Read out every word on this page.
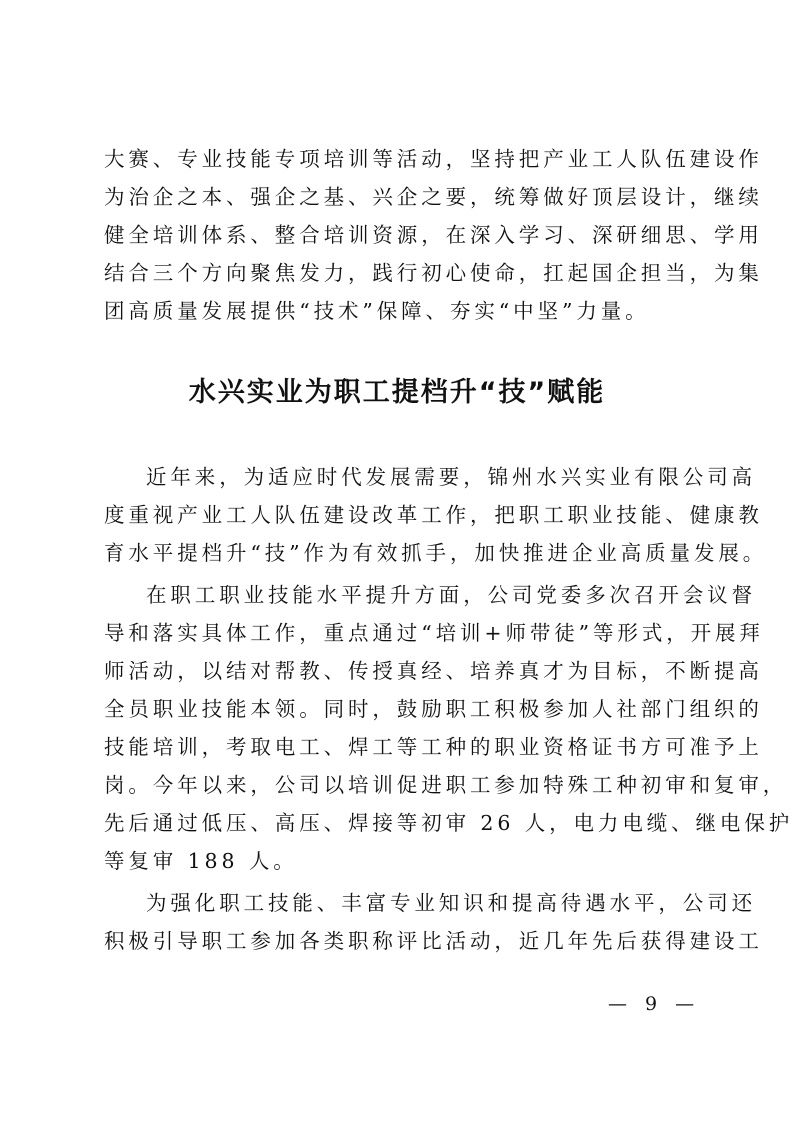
大赛、专业技能专项培训等活动，坚持把产业工人队伍建设作
为治企之本、强企之基、兴企之要，统筹做好顶层设计，继续
健全培训体系、整合培训资源，在深入学习、深研细思、学用
结合三个方向聚焦发力，践行初心使命，扛起国企担当，为集
团高质量发展提供“技术”保障、夯实“中坚”力量。
水兴实业为职工提档升“技”赋能
近年来，为适应时代发展需要，锦州水兴实业有限公司高
度重视产业工人队伍建设改革工作，把职工职业技能、健康教
育水平提档升“技”作为有效抓手，加快推进企业高质量发展。
在职工职业技能水平提升方面，公司党委多次召开会议督
导和落实具体工作，重点通过“培训+师带徒”等形式，开展拜
师活动，以结对帮教、传授真经、培养真才为目标，不断提高
全员职业技能本领。同时，鼓励职工积极参加人社部门组织的
技能培训，考取电工、焊工等工种的职业资格证书方可准予上
岗。今年以来，公司以培训促进职工参加特殊工种初审和复审，
先后通过低压、高压、焊接等初审 26 人，电力电缆、继电保护
等复审 188 人。
为强化职工技能、丰富专业知识和提高待遇水平，公司还
积极引导职工参加各类职称评比活动，近几年先后获得建设工
— 9 —
